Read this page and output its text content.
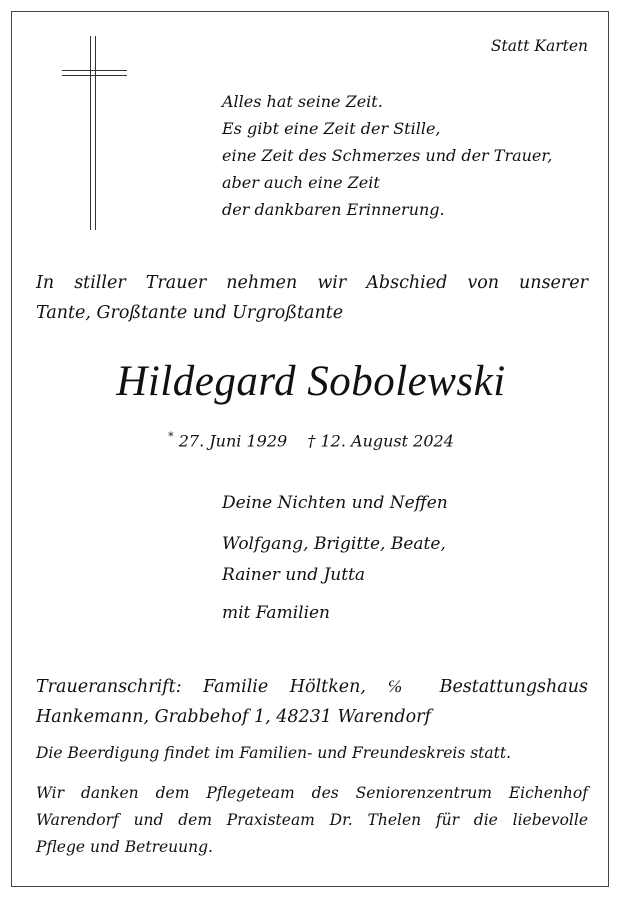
Statt Karten
Alles hat seine Zeit.
Es gibt eine Zeit der Stille,
eine Zeit des Schmerzes und der Trauer,
aber auch eine Zeit
der dankbaren Erinnerung.
In stiller Trauer nehmen wir Abschied von unserer
Tante, Großtante und Urgroßtante
Hildegard Sobolewski
* 27. Juni 1929 † 12. August 2024
Deine Nichten und Neffen
Wolfgang, Brigitte, Beate,
Rainer und Jutta
mit Familien
Traueranschrift: Familie Höltken, ℅ Bestattungshaus
Hankemann, Grabbehof 1, 48231 Warendorf
Die Beerdigung findet im Familien- und Freundeskreis statt.
Wir danken dem Pflegeteam des Seniorenzentrum Eichenhof
Warendorf und dem Praxisteam Dr. Thelen für die liebevolle
Pflege und Betreuung.
